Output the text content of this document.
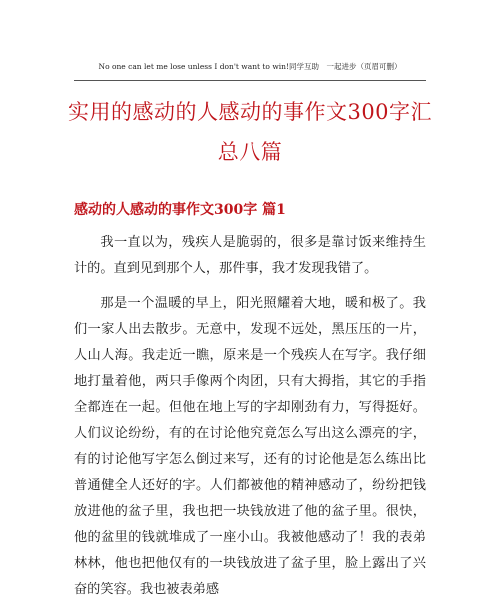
No one can let me lose unless I don't want to win!同学互助　一起进步（页眉可删）
实用的感动的人感动的事作文300字汇总八篇
感动的人感动的事作文300字 篇1

我一直以为，残疾人是脆弱的，很多是靠讨饭来维持生计的。直到见到那个人，那件事，我才发现我错了。

那是一个温暖的早上，阳光照耀着大地，暖和极了。我们一家人出去散步。无意中，发现不远处，黑压压的一片，人山人海。我走近一瞧，原来是一个残疾人在写字。我仔细地打量着他，两只手像两个肉团，只有大拇指，其它的手指全都连在一起。但他在地上写的字却刚劲有力，写得挺好。人们议论纷纷，有的在讨论他究竟怎么写出这么漂亮的字，有的讨论他写字怎么倒过来写，还有的讨论他是怎么练出比普通健全人还好的字。人们都被他的精神感动了，纷纷把钱放进他的盆子里，我也把一块钱放进了他的盆子里。很快，他的盆里的钱就堆成了一座小山。我被他感动了！我的表弟林林，他也把他仅有的一块钱放进了盆子里，脸上露出了兴奋的笑容。我也被表弟感
